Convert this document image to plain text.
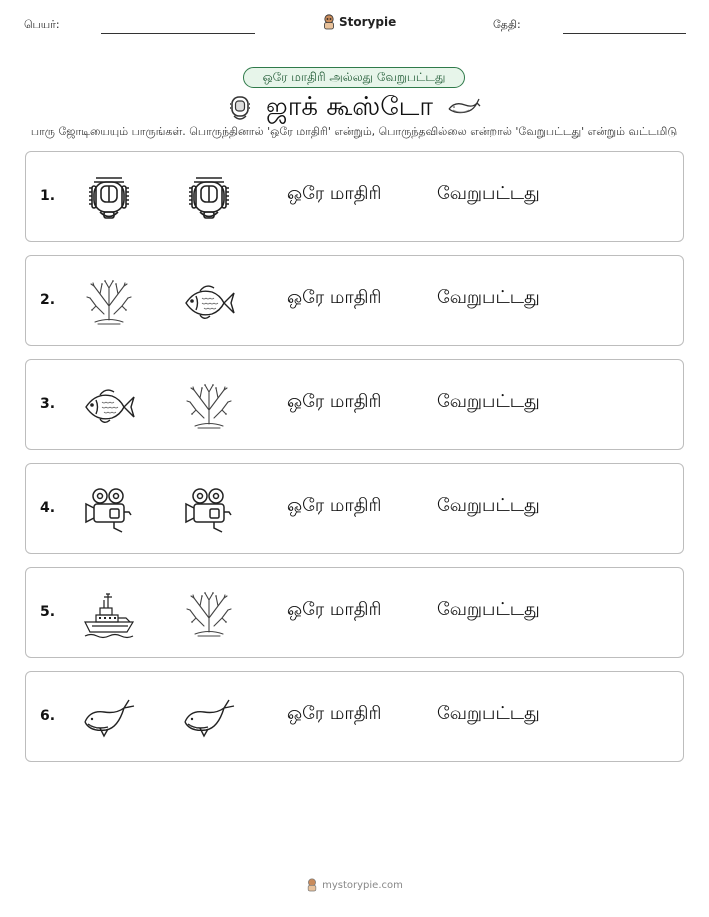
பெயர்:	Storypie	தேதி:
ஒரே மாதிரி அல்லது வேறுபட்டது
ஜாக் கூஸ்டோ
பாரு ஜோடியையும் பாருங்கள். பொருந்தினால் 'ஒரே மாதிரி' என்றும், பொருந்தவில்லை என்றால் 'வேறுபட்டது' என்றும் வட்டமிடு
1.	ஒரே மாதிரி	வேறுபட்டது
2.	ஒரே மாதிரி	வேறுபட்டது
3.	ஒரே மாதிரி	வேறுபட்டது
4.	ஒரே மாதிரி	வேறுபட்டது
5.	ஒரே மாதிரி	வேறுபட்டது
6.	ஒரே மாதிரி	வேறுபட்டது
mystorypie.com
